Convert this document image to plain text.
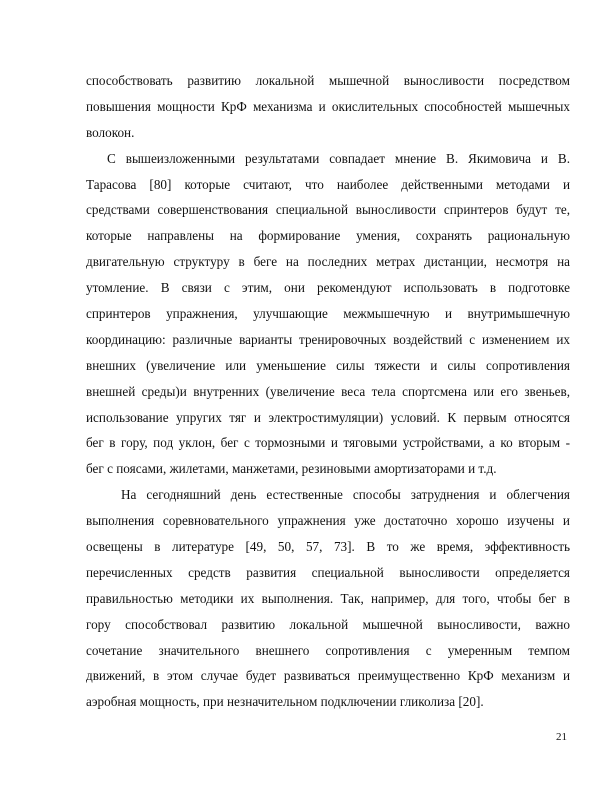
способствовать развитию локальной мышечной выносливости посредством
повышения мощности КрФ механизма и окислительных способностей мышечных
волокон.
С вышеизложенными результатами совпадает мнение В. Якимовича и В.
Тарасова [80] которые считают, что наиболее действенными методами и
средствами совершенствования специальной выносливости спринтеров будут те,
которые направлены на формирование умения, сохранять рациональную
двигательную структуру в беге на последних метрах дистанции, несмотря на
утомление. В связи с этим, они рекомендуют использовать в подготовке
спринтеров упражнения, улучшающие межмышечную и внутримышечную
координацию: различные варианты тренировочных воздействий с изменением их
внешних (увеличение или уменьшение силы тяжести и силы сопротивления
внешней среды)и внутренних (увеличение веса тела спортсмена или его звеньев,
использование упругих тяг и электростимуляции) условий. К первым относятся
бег в гору, под уклон, бег с тормозными и тяговыми устройствами, а ко вторым -
бег с поясами, жилетами, манжетами, резиновыми амортизаторами и т.д.
На сегодняшний день естественные способы затруднения и облегчения
выполнения соревновательного упражнения уже достаточно хорошо изучены и
освещены в литературе [49, 50, 57, 73]. В то же время, эффективность
перечисленных средств развития специальной выносливости определяется
правильностью методики их выполнения. Так, например, для того, чтобы бег в
гору способствовал развитию локальной мышечной выносливости, важно
сочетание значительного внешнего сопротивления с умеренным темпом
движений, в этом случае будет развиваться преимущественно КрФ механизм и
аэробная мощность, при незначительном подключении гликолиза [20].
21
